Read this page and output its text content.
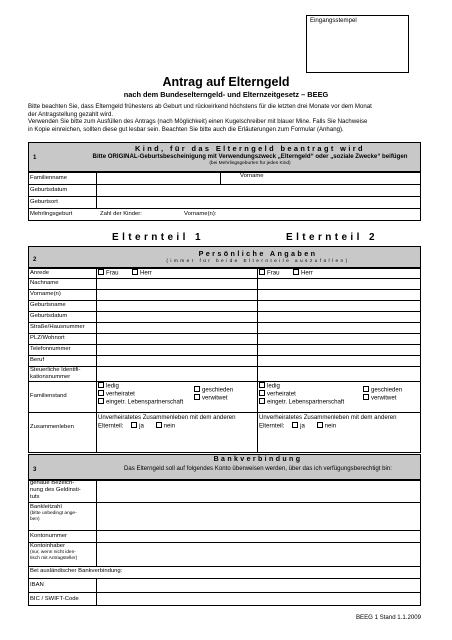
Eingangsstempel
Antrag auf Elterngeld
nach dem Bundeselterngeld- und Elternzeitgesetz – BEEG
Bitte beachten Sie, dass Elterngeld frühestens ab Geburt und rückwirkend höchstens für die letzten drei Monate vor dem Monat
der Antragstellung gezahlt wird.
Verwenden Sie bitte zum Ausfüllen des Antrags (nach Möglichkeit) einen Kugelschreiber mit blauer Mine. Falls Sie Nachweise
in Kopie einreichen, sollten diese gut lesbar sein. Beachten Sie bitte auch die Erläuterungen zum Formular (Anhang).
1
Kind, für das Elterngeld beantragt wird
Bitte ORIGINAL-Geburtsbescheinigung mit Verwendungszweck „Elterngeld“ oder „soziale Zwecke“ beifügen
(bei Mehrlingsgeburten für jedes Kind)
Familienname	Vorname
Geburtsdatum
Geburtsort
Mehrlingsgeburt	Zahl der Kinder:	Vorname(n):
Elternteil 1	Elternteil 2
2
Persönliche Angaben
(immer für beide Elternteile auszufüllen)
Anrede	Frau	Herr	Frau	Herr
Nachname
Vorname(n)
Geburtsname
Geburtsdatum
Straße/Hausnummer
PLZ/Wohnort
Telefonnummer
Beruf
Steuerliche Identifi-
kationsnummer
Familienstand
ledig
verheiratet
eingetr. Lebenspartnerschaft
geschieden
verwitwet
ledig
verheiratet
eingetr. Lebenspartnerschaft
geschieden
verwitwet
Zusammenleben
Unverheiratetes Zusammenleben mit dem anderen
Elternteil:	ja	nein
Unverheiratetes Zusammenleben mit dem anderen
Elternteil:	ja	nein
3
Bankverbindung
Das Elterngeld soll auf folgendes Konto überweisen werden, über das ich verfügungsberechtigt bin:
genaue Bezeich-
nung des Geldinsti-
tuts
Bankleitzahl
(bitte unbedingt ange-
ben)
Kontonummer
Kontoinhaber
(nur, wenn nicht iden-
tisch mit Antragsteller)
Bei ausländischer Bankverbindung:
IBAN
BIC / SWIFT-Code
BEEG 1 Stand 1.1.2009
